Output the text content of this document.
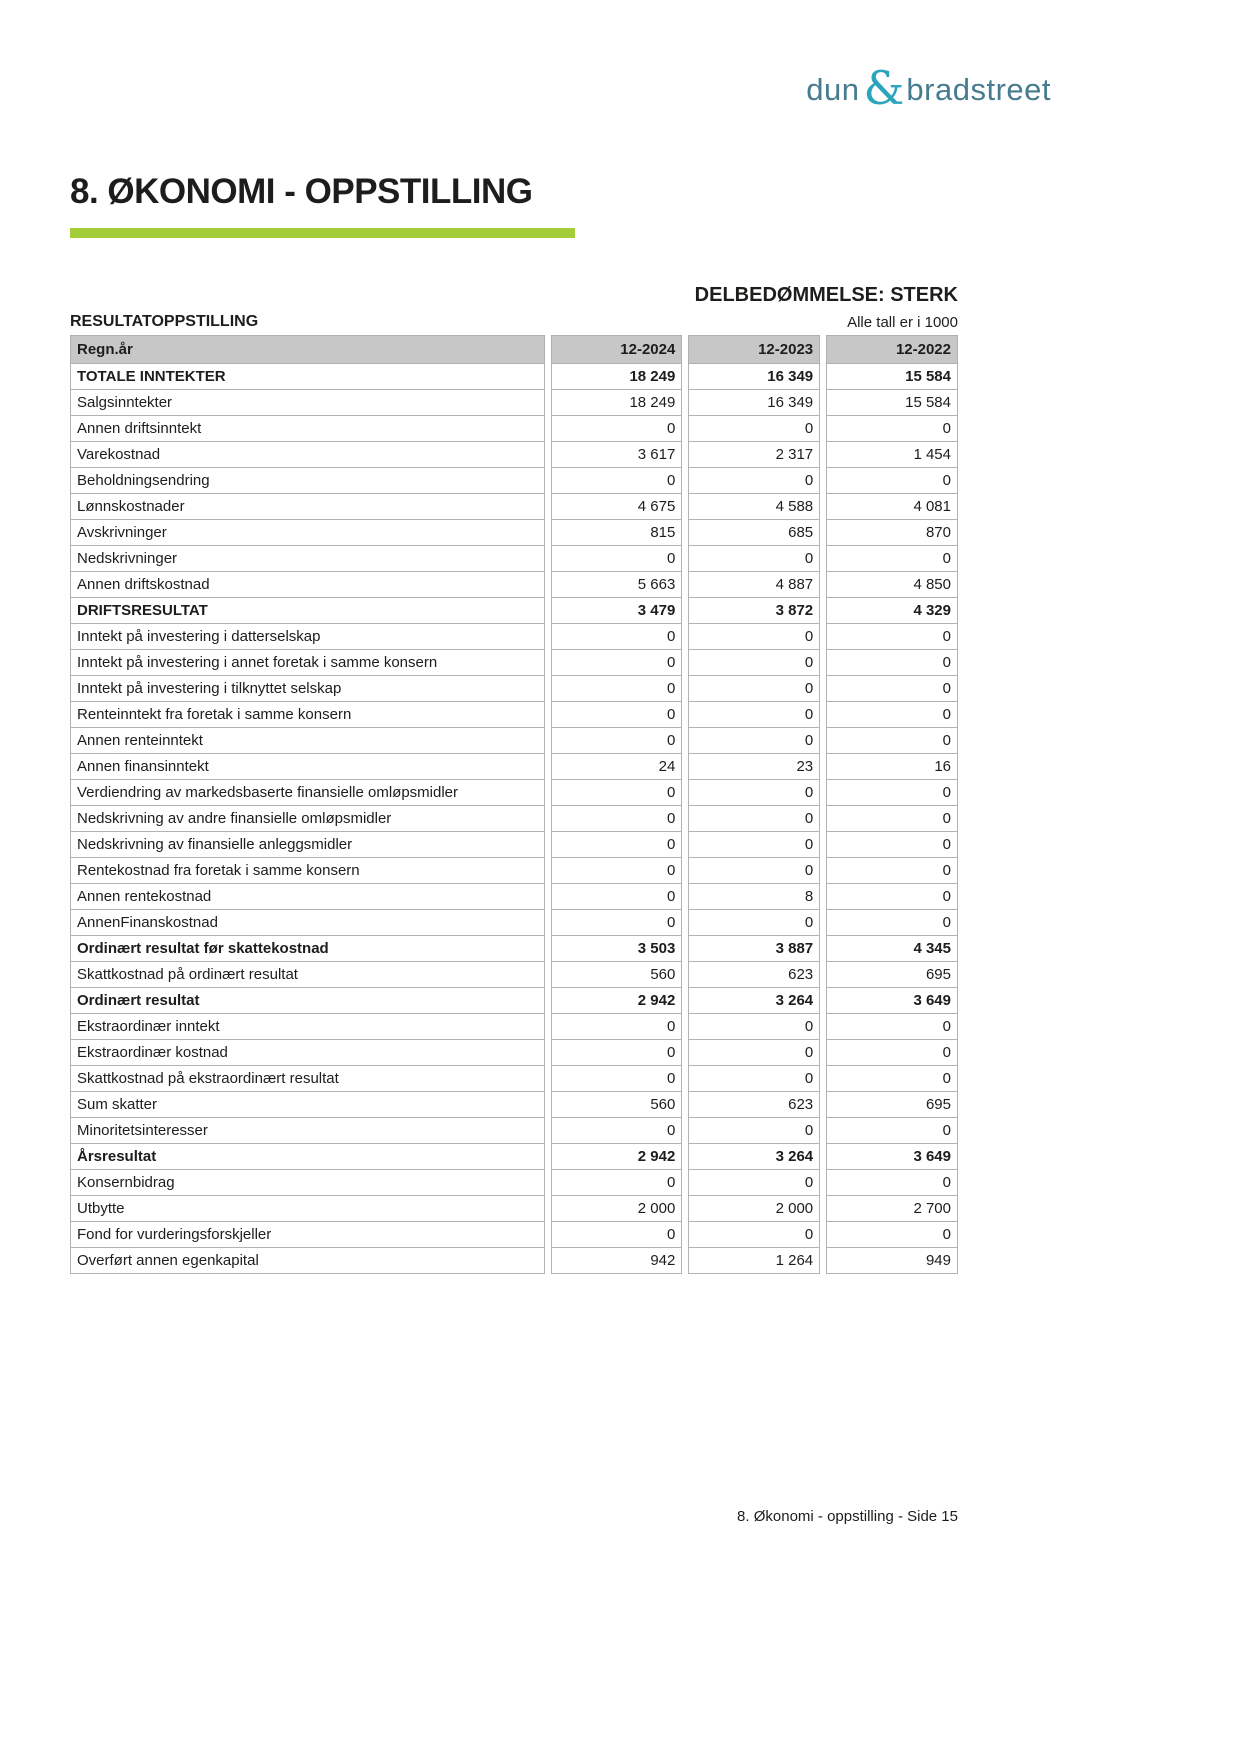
dun & bradstreet
8. ØKONOMI - OPPSTILLING
DELBEDØMMELSE: STERK
RESULTATOPPSTILLING	Alle tall er i 1000
Regn.år	12-2024	12-2023	12-2022
TOTALE INNTEKTER	18 249	16 349	15 584
Salgsinntekter	18 249	16 349	15 584
Annen driftsinntekt	0	0	0
Varekostnad	3 617	2 317	1 454
Beholdningsendring	0	0	0
Lønnskostnader	4 675	4 588	4 081
Avskrivninger	815	685	870
Nedskrivninger	0	0	0
Annen driftskostnad	5 663	4 887	4 850
DRIFTSRESULTAT	3 479	3 872	4 329
Inntekt på investering i datterselskap	0	0	0
Inntekt på investering i annet foretak i samme konsern	0	0	0
Inntekt på investering i tilknyttet selskap	0	0	0
Renteinntekt fra foretak i samme konsern	0	0	0
Annen renteinntekt	0	0	0
Annen finansinntekt	24	23	16
Verdiendring av markedsbaserte finansielle omløpsmidler	0	0	0
Nedskrivning av andre finansielle omløpsmidler	0	0	0
Nedskrivning av finansielle anleggsmidler	0	0	0
Rentekostnad fra foretak i samme konsern	0	0	0
Annen rentekostnad	0	8	0
AnnenFinanskostnad	0	0	0
Ordinært resultat før skattekostnad	3 503	3 887	4 345
Skattkostnad på ordinært resultat	560	623	695
Ordinært resultat	2 942	3 264	3 649
Ekstraordinær inntekt	0	0	0
Ekstraordinær kostnad	0	0	0
Skattkostnad på ekstraordinært resultat	0	0	0
Sum skatter	560	623	695
Minoritetsinteresser	0	0	0
Årsresultat	2 942	3 264	3 649
Konsernbidrag	0	0	0
Utbytte	2 000	2 000	2 700
Fond for vurderingsforskjeller	0	0	0
Overført annen egenkapital	942	1 264	949
8. Økonomi - oppstilling - Side 15
